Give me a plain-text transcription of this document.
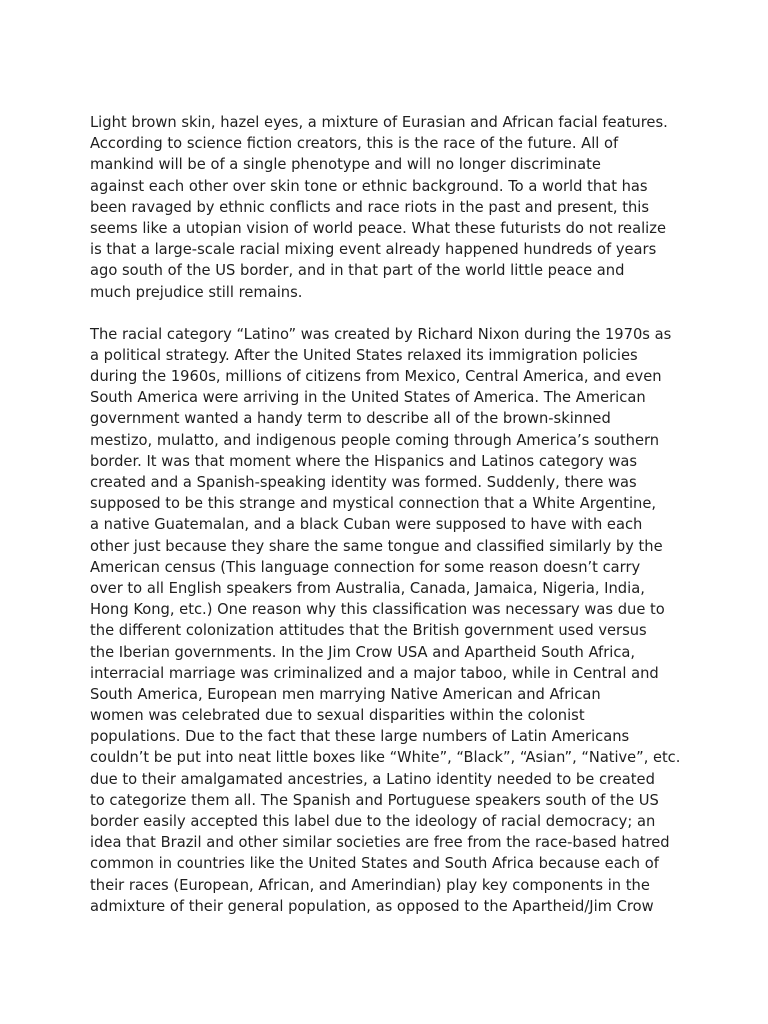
Light brown skin, hazel eyes, a mixture of Eurasian and African facial features.
According to science fiction creators, this is the race of the future. All of
mankind will be of a single phenotype and will no longer discriminate
against each other over skin tone or ethnic background. To a world that has
been ravaged by ethnic conflicts and race riots in the past and present, this
seems like a utopian vision of world peace. What these futurists do not realize
is that a large-scale racial mixing event already happened hundreds of years
ago south of the US border, and in that part of the world little peace and
much prejudice still remains.

The racial category “Latino” was created by Richard Nixon during the 1970s as
a political strategy. After the United States relaxed its immigration policies
during the 1960s, millions of citizens from Mexico, Central America, and even
South America were arriving in the United States of America. The American
government wanted a handy term to describe all of the brown-skinned
mestizo, mulatto, and indigenous people coming through America’s southern
border. It was that moment where the Hispanics and Latinos category was
created and a Spanish-speaking identity was formed. Suddenly, there was
supposed to be this strange and mystical connection that a White Argentine,
a native Guatemalan, and a black Cuban were supposed to have with each
other just because they share the same tongue and classified similarly by the
American census (This language connection for some reason doesn’t carry
over to all English speakers from Australia, Canada, Jamaica, Nigeria, India,
Hong Kong, etc.) One reason why this classification was necessary was due to
the different colonization attitudes that the British government used versus
the Iberian governments. In the Jim Crow USA and Apartheid South Africa,
interracial marriage was criminalized and a major taboo, while in Central and
South America, European men marrying Native American and African
women was celebrated due to sexual disparities within the colonist
populations. Due to the fact that these large numbers of Latin Americans
couldn’t be put into neat little boxes like “White”, “Black”, “Asian”, “Native”, etc.
due to their amalgamated ancestries, a Latino identity needed to be created
to categorize them all. The Spanish and Portuguese speakers south of the US
border easily accepted this label due to the ideology of racial democracy; an
idea that Brazil and other similar societies are free from the race-based hatred
common in countries like the United States and South Africa because each of
their races (European, African, and Amerindian) play key components in the
admixture of their general population, as opposed to the Apartheid/Jim Crow
